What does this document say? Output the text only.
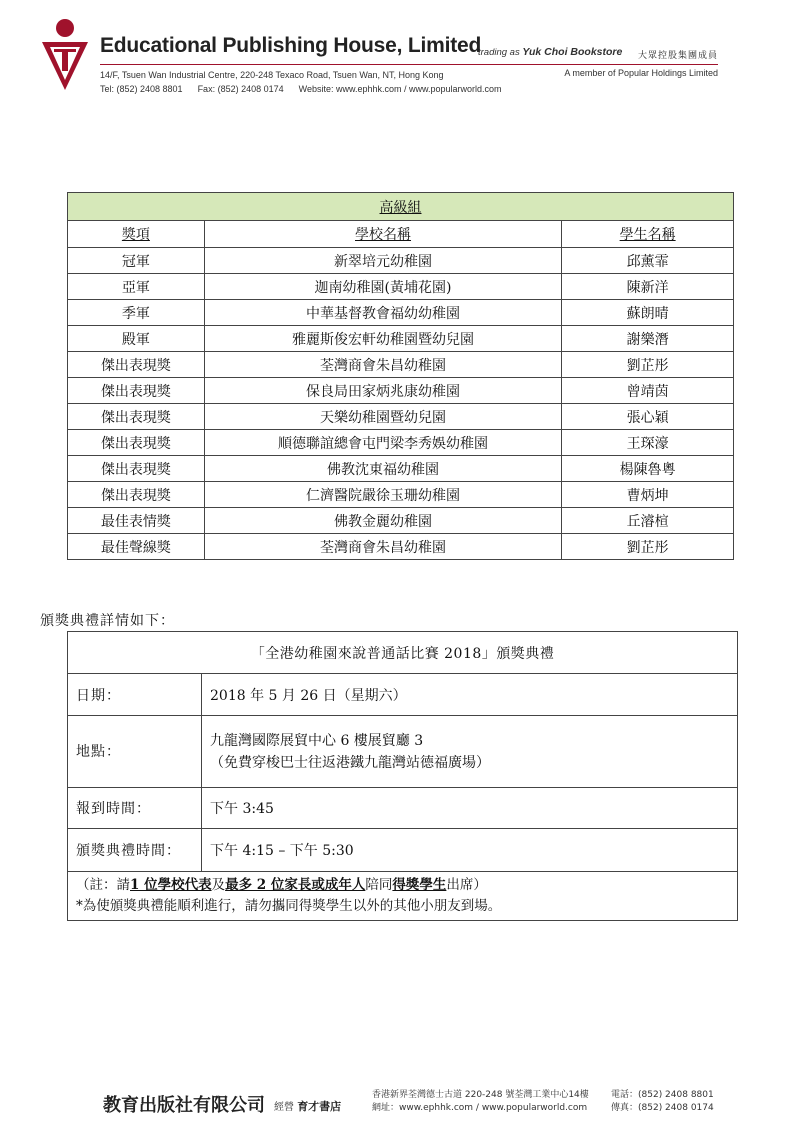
Educational Publishing House, Limited
trading as Yuk Choi Bookstore 大眾控股集團成員
14/F, Tsuen Wan Industrial Centre, 220-248 Texaco Road, Tsuen Wan, NT, Hong Kong
Tel: (852) 2408 8801      Fax: (852) 2408 0174      Website: www.ephhk.com / www.popularworld.com
A member of Popular Holdings Limited
高級組		
獎項	學校名稱	學生名稱
冠軍	新翠培元幼稚園	邱薰霏
亞軍	迦南幼稚園(黃埔花園)	陳新洋
季軍	中華基督教會福幼幼稚園	蘇朗晴
殿軍	雅麗斯俊宏軒幼稚園暨幼兒園	謝樂潛
傑出表現獎	荃灣商會朱昌幼稚園	劉芷彤
傑出表現獎	保良局田家炳兆康幼稚園	曾靖茵
傑出表現獎	天樂幼稚園暨幼兒園	張心穎
傑出表現獎	順德聯誼總會屯門梁李秀娛幼稚園	王琛濠
傑出表現獎	佛教沈東福幼稚園	楊陳魯粵
傑出表現獎	仁濟醫院嚴徐玉珊幼稚園	曹炳坤
最佳表情獎	佛教金麗幼稚園	丘濬楦
最佳聲線獎	荃灣商會朱昌幼稚園	劉芷彤
頒獎典禮詳情如下：
「全港幼稚園來說普通話比賽 2018」頒獎典禮	
日期：	2018 年 5 月 26 日（星期六）
地點：	九龍灣國際展貿中心 6 樓展貿廳 3
（免費穿梭巴士往返港鐵九龍灣站德福廣場）

報到時間：	下午 3:45
頒獎典禮時間：	下午 4:15 – 下午 5:30

（註：請1 位學校代表及最多 2 位家長或成年人陪同得獎學生出席）
*為使頒獎典禮能順利進行，請勿攜同得獎學生以外的其他小朋友到場。	
教育出版社有限公司 經營 育才書店
香港新界荃灣德士古道 220-248 號荃灣工業中心14樓
網址：www.ephhk.com / www.popularworld.com
電話：(852) 2408 8801
傳真：(852) 2408 0174
